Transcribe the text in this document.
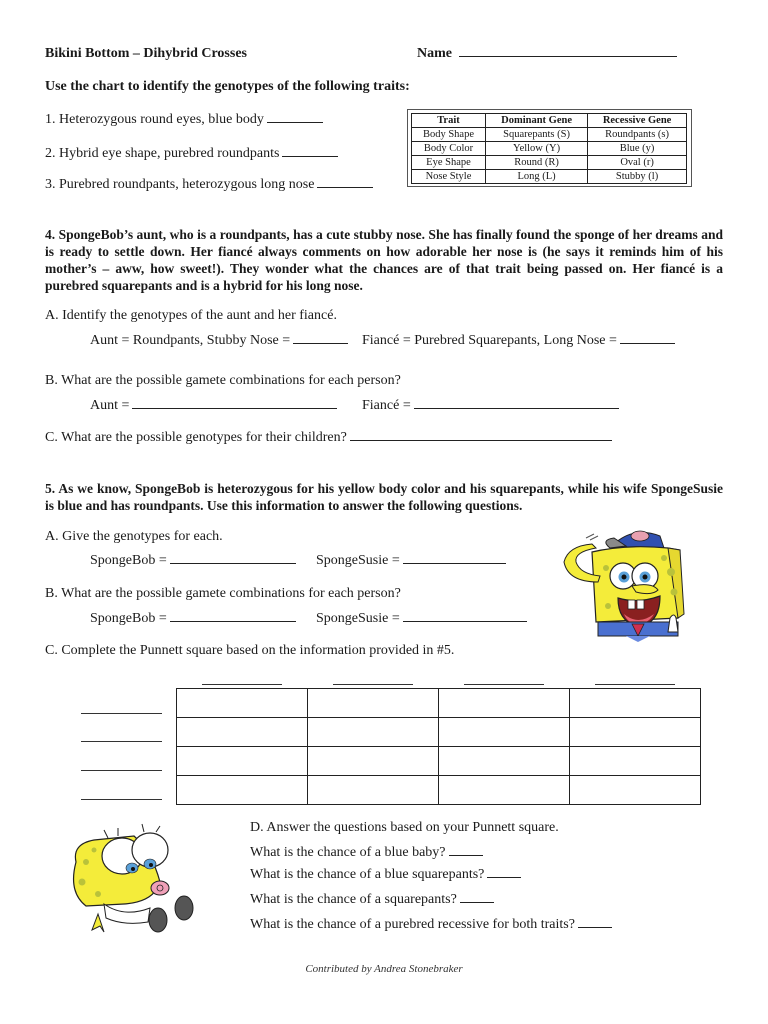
Bikini Bottom – Dihybrid Crosses	Name
Use the chart to identify the genotypes of the following traits:
1. Heterozygous round eyes, blue body
2. Hybrid eye shape, purebred roundpants
3. Purebred roundpants, heterozygous long nose
Trait	Dominant Gene	Recessive Gene
Body Shape	Squarepants (S)	Roundpants (s)
Body Color	Yellow (Y)	Blue (y)
Eye Shape	Round (R)	Oval (r)
Nose Style	Long (L)	Stubby (l)
4. SpongeBob’s aunt, who is a roundpants, has a cute stubby nose. She has finally found the sponge of her dreams and is ready to settle down. Her fiancé always comments on how adorable her nose is (he says it reminds him of his mother’s – aww, how sweet!). They wonder what the chances are of that trait being passed on. Her fiancé is a purebred squarepants and is a hybrid for his long nose.
A. Identify the genotypes of the aunt and her fiancé.
Aunt = Roundpants, Stubby Nose =	Fiancé = Purebred Squarepants, Long Nose =
B. What are the possible gamete combinations for each person?
Aunt =	Fiancé =
C. What are the possible genotypes for their children?
5. As we know, SpongeBob is heterozygous for his yellow body color and his squarepants, while his wife SpongeSusie is blue and has roundpants. Use this information to answer the following questions.
A. Give the genotypes for each.
SpongeBob =	SpongeSusie =
B. What are the possible gamete combinations for each person?
SpongeBob =	SpongeSusie =
C. Complete the Punnett square based on the information provided in #5.

D. Answer the questions based on your Punnett square.
What is the chance of a blue baby?
What is the chance of a blue squarepants?
What is the chance of a squarepants?
What is the chance of a purebred recessive for both traits?
Contributed by Andrea Stonebraker
